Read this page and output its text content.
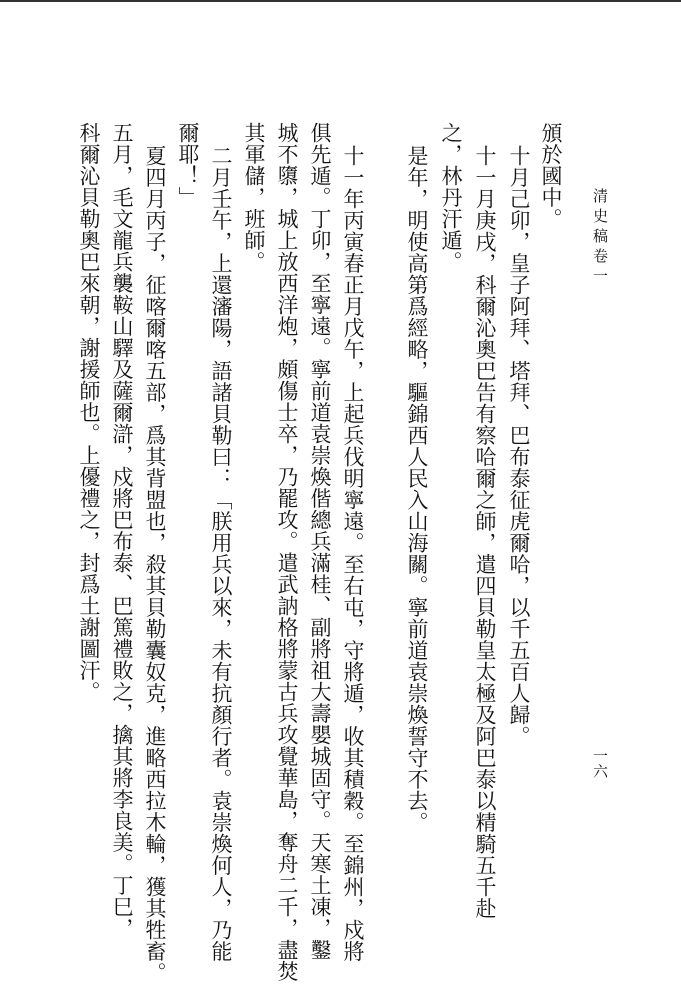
清史稿卷一
一六
頒於國中。
十月己卯，皇子阿拜、塔拜、巴布泰征虎爾哈，以千五百人歸。
十一月庚戌，科爾沁奧巴告有察哈爾之師，遣四貝勒皇太極及阿巴泰以精騎五千赴
之，林丹汗遁。
是年，明使高第爲經略，驅錦西人民入山海關。寧前道袁崇煥誓守不去。
十一年丙寅春正月戊午，上起兵伐明寧遠。至右屯，守將遁，收其積穀。至錦州，戍將
俱先遁。丁卯，至寧遠。寧前道袁崇煥偕總兵滿桂、副將祖大壽嬰城固守。天寒土凍，鑿
城不隳，城上放西洋炮，頗傷士卒，乃罷攻。遣武訥格將蒙古兵攻覺華島，奪舟二千，盡焚
其軍儲，班師。
二月壬午，上還瀋陽，語諸貝勒曰：「朕用兵以來，未有抗顏行者。袁崇煥何人，乃能
爾耶！」
夏四月丙子，征喀爾喀五部，爲其背盟也，殺其貝勒囊奴克，進略西拉木輪，獲其牲畜。
五月，毛文龍兵襲鞍山驛及薩爾滸，戍將巴布泰、巴篤禮敗之，擒其將李良美。丁巳，
科爾沁貝勒奧巴來朝，謝援師也。上優禮之，封爲土謝圖汗。
